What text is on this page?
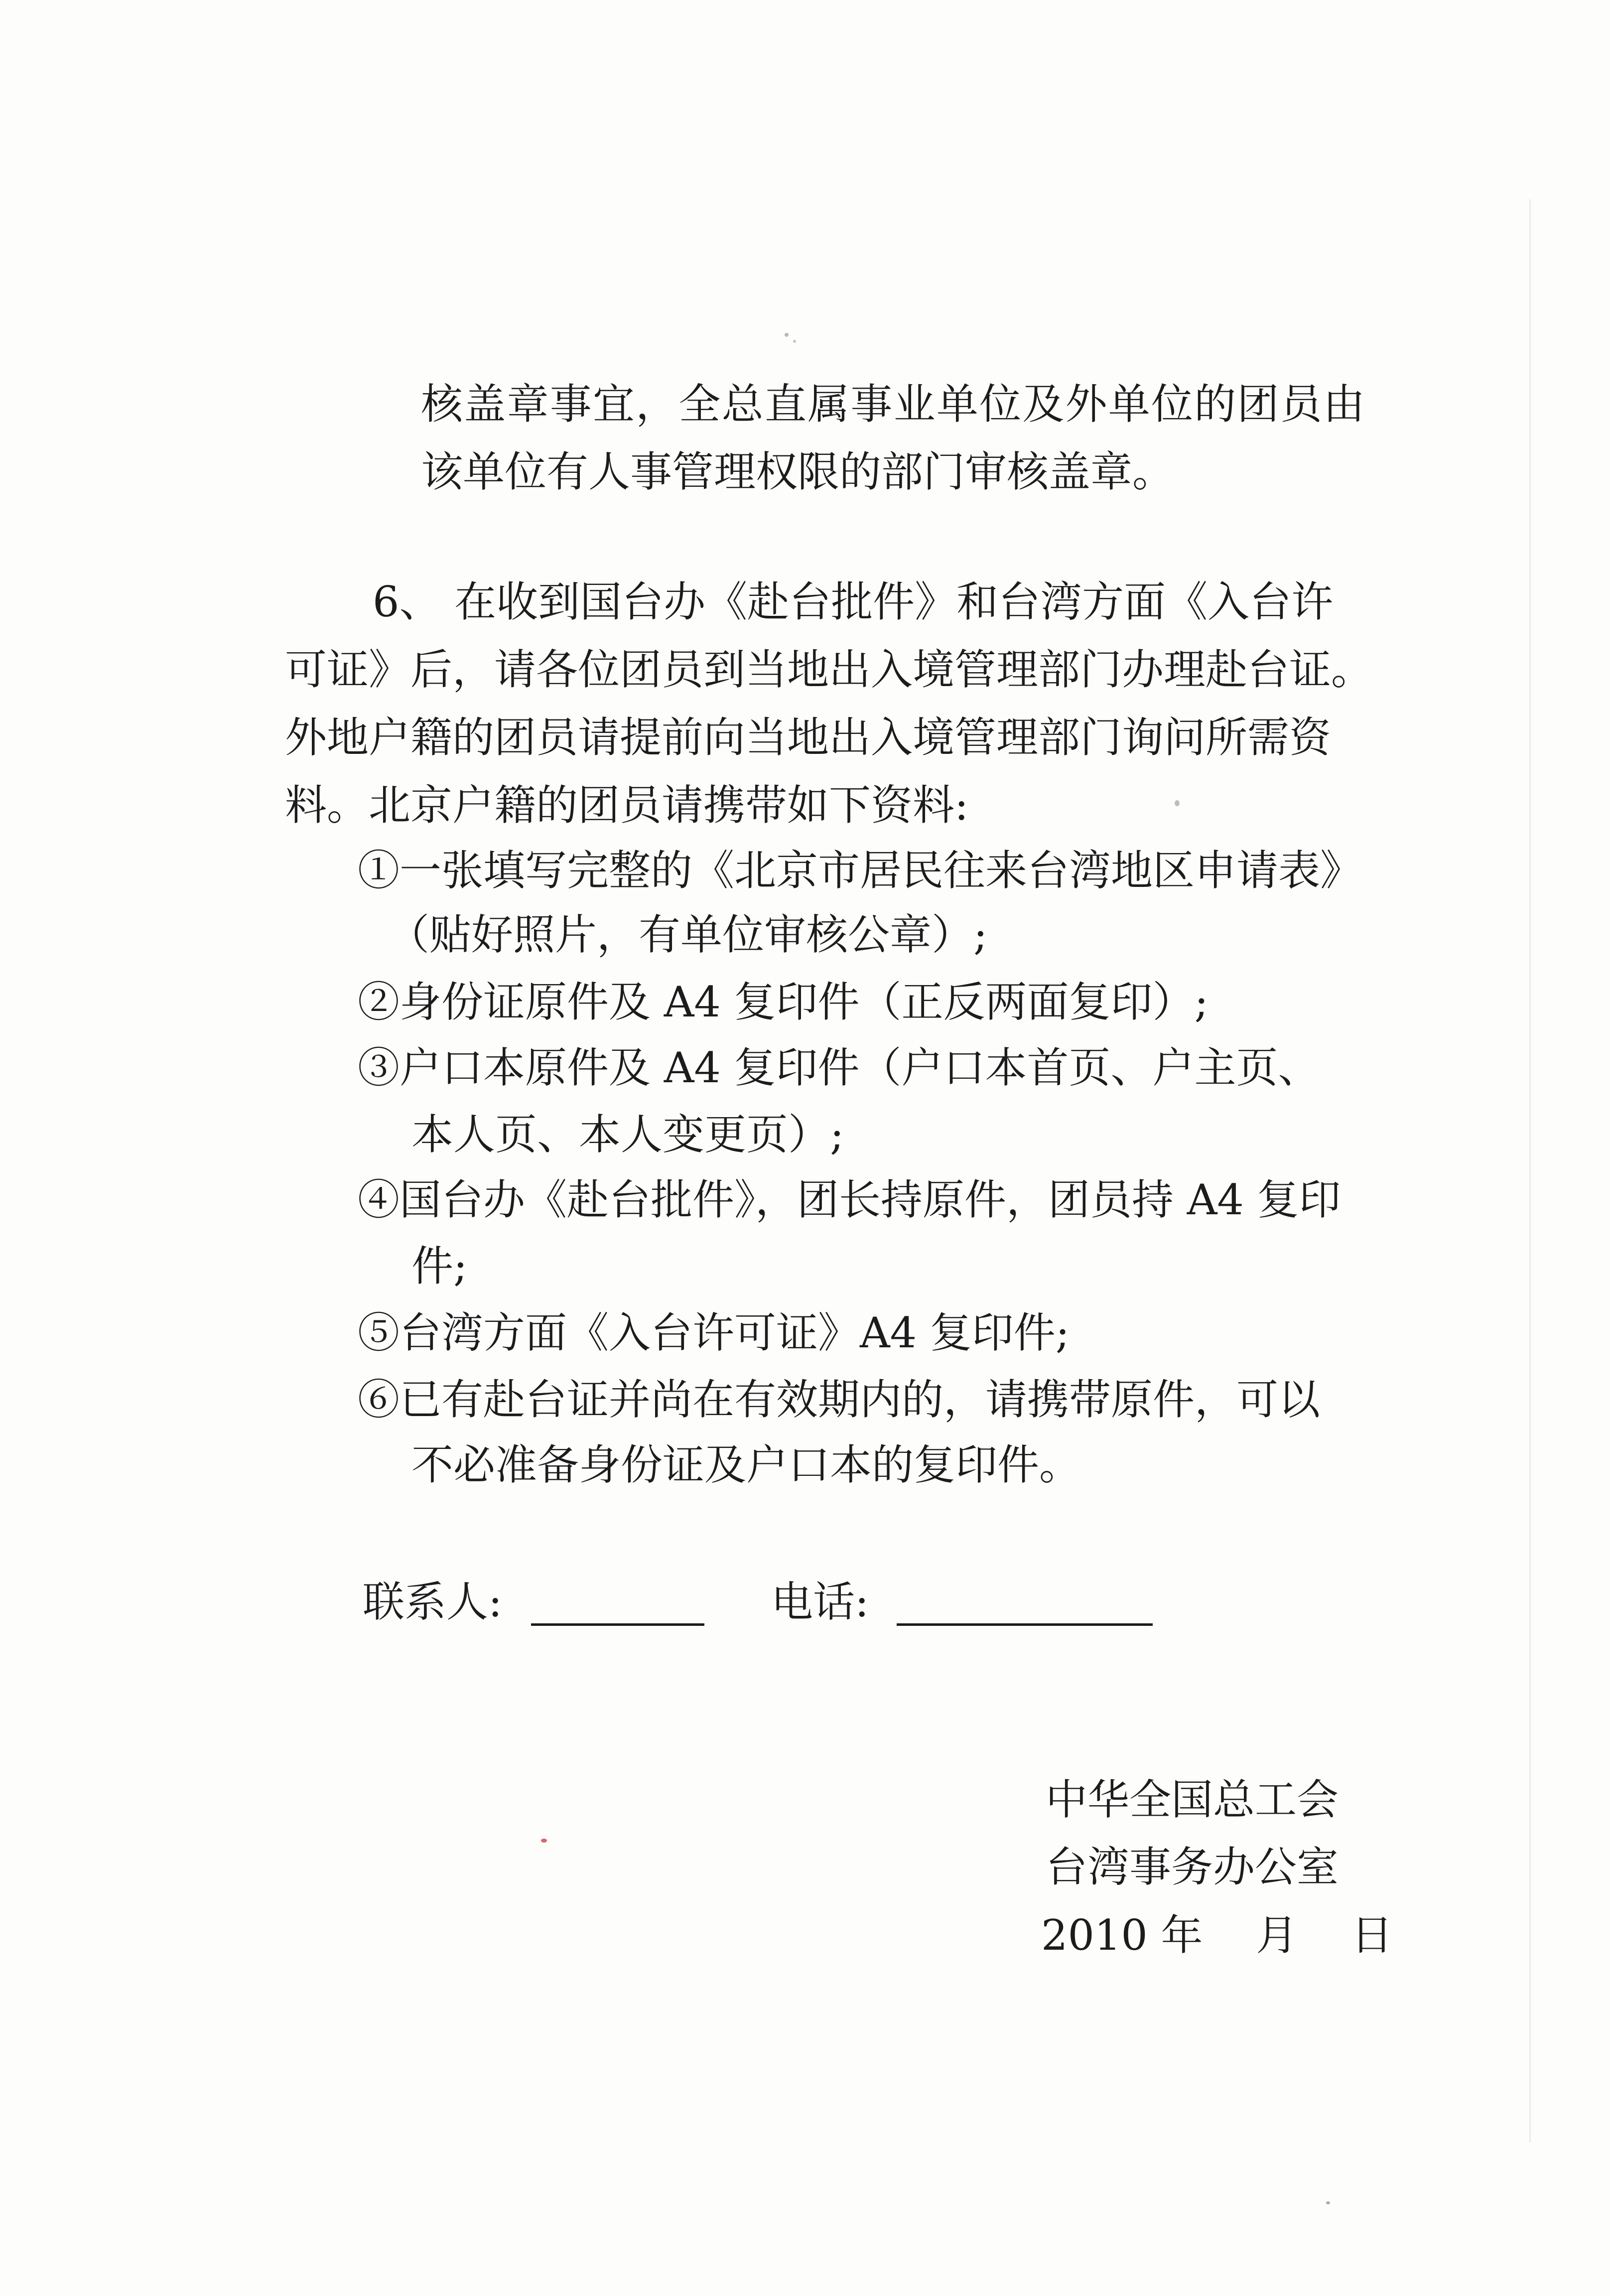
核盖章事宜，全总直属事业单位及外单位的团员由
该单位有人事管理权限的部门审核盖章。
6、 在收到国台办《赴台批件》和台湾方面《入台许
可证》后，请各位团员到当地出入境管理部门办理赴台证。
外地户籍的团员请提前向当地出入境管理部门询问所需资
料。北京户籍的团员请携带如下资料:
①一张填写完整的《北京市居民往来台湾地区申请表》
（贴好照片，有单位审核公章）;
②身份证原件及 A4 复印件（正反两面复印）;
③户口本原件及 A4 复印件（户口本首页、户主页、
本人页、本人变更页）;
④国台办《赴台批件》，团长持原件，团员持 A4 复印
件;
⑤台湾方面《入台许可证》A4 复印件;
⑥已有赴台证并尚在有效期内的，请携带原件，可以
不必准备身份证及户口本的复印件。
联系人:	电话:
中华全国总工会
台湾事务办公室
2010 年    月    日
